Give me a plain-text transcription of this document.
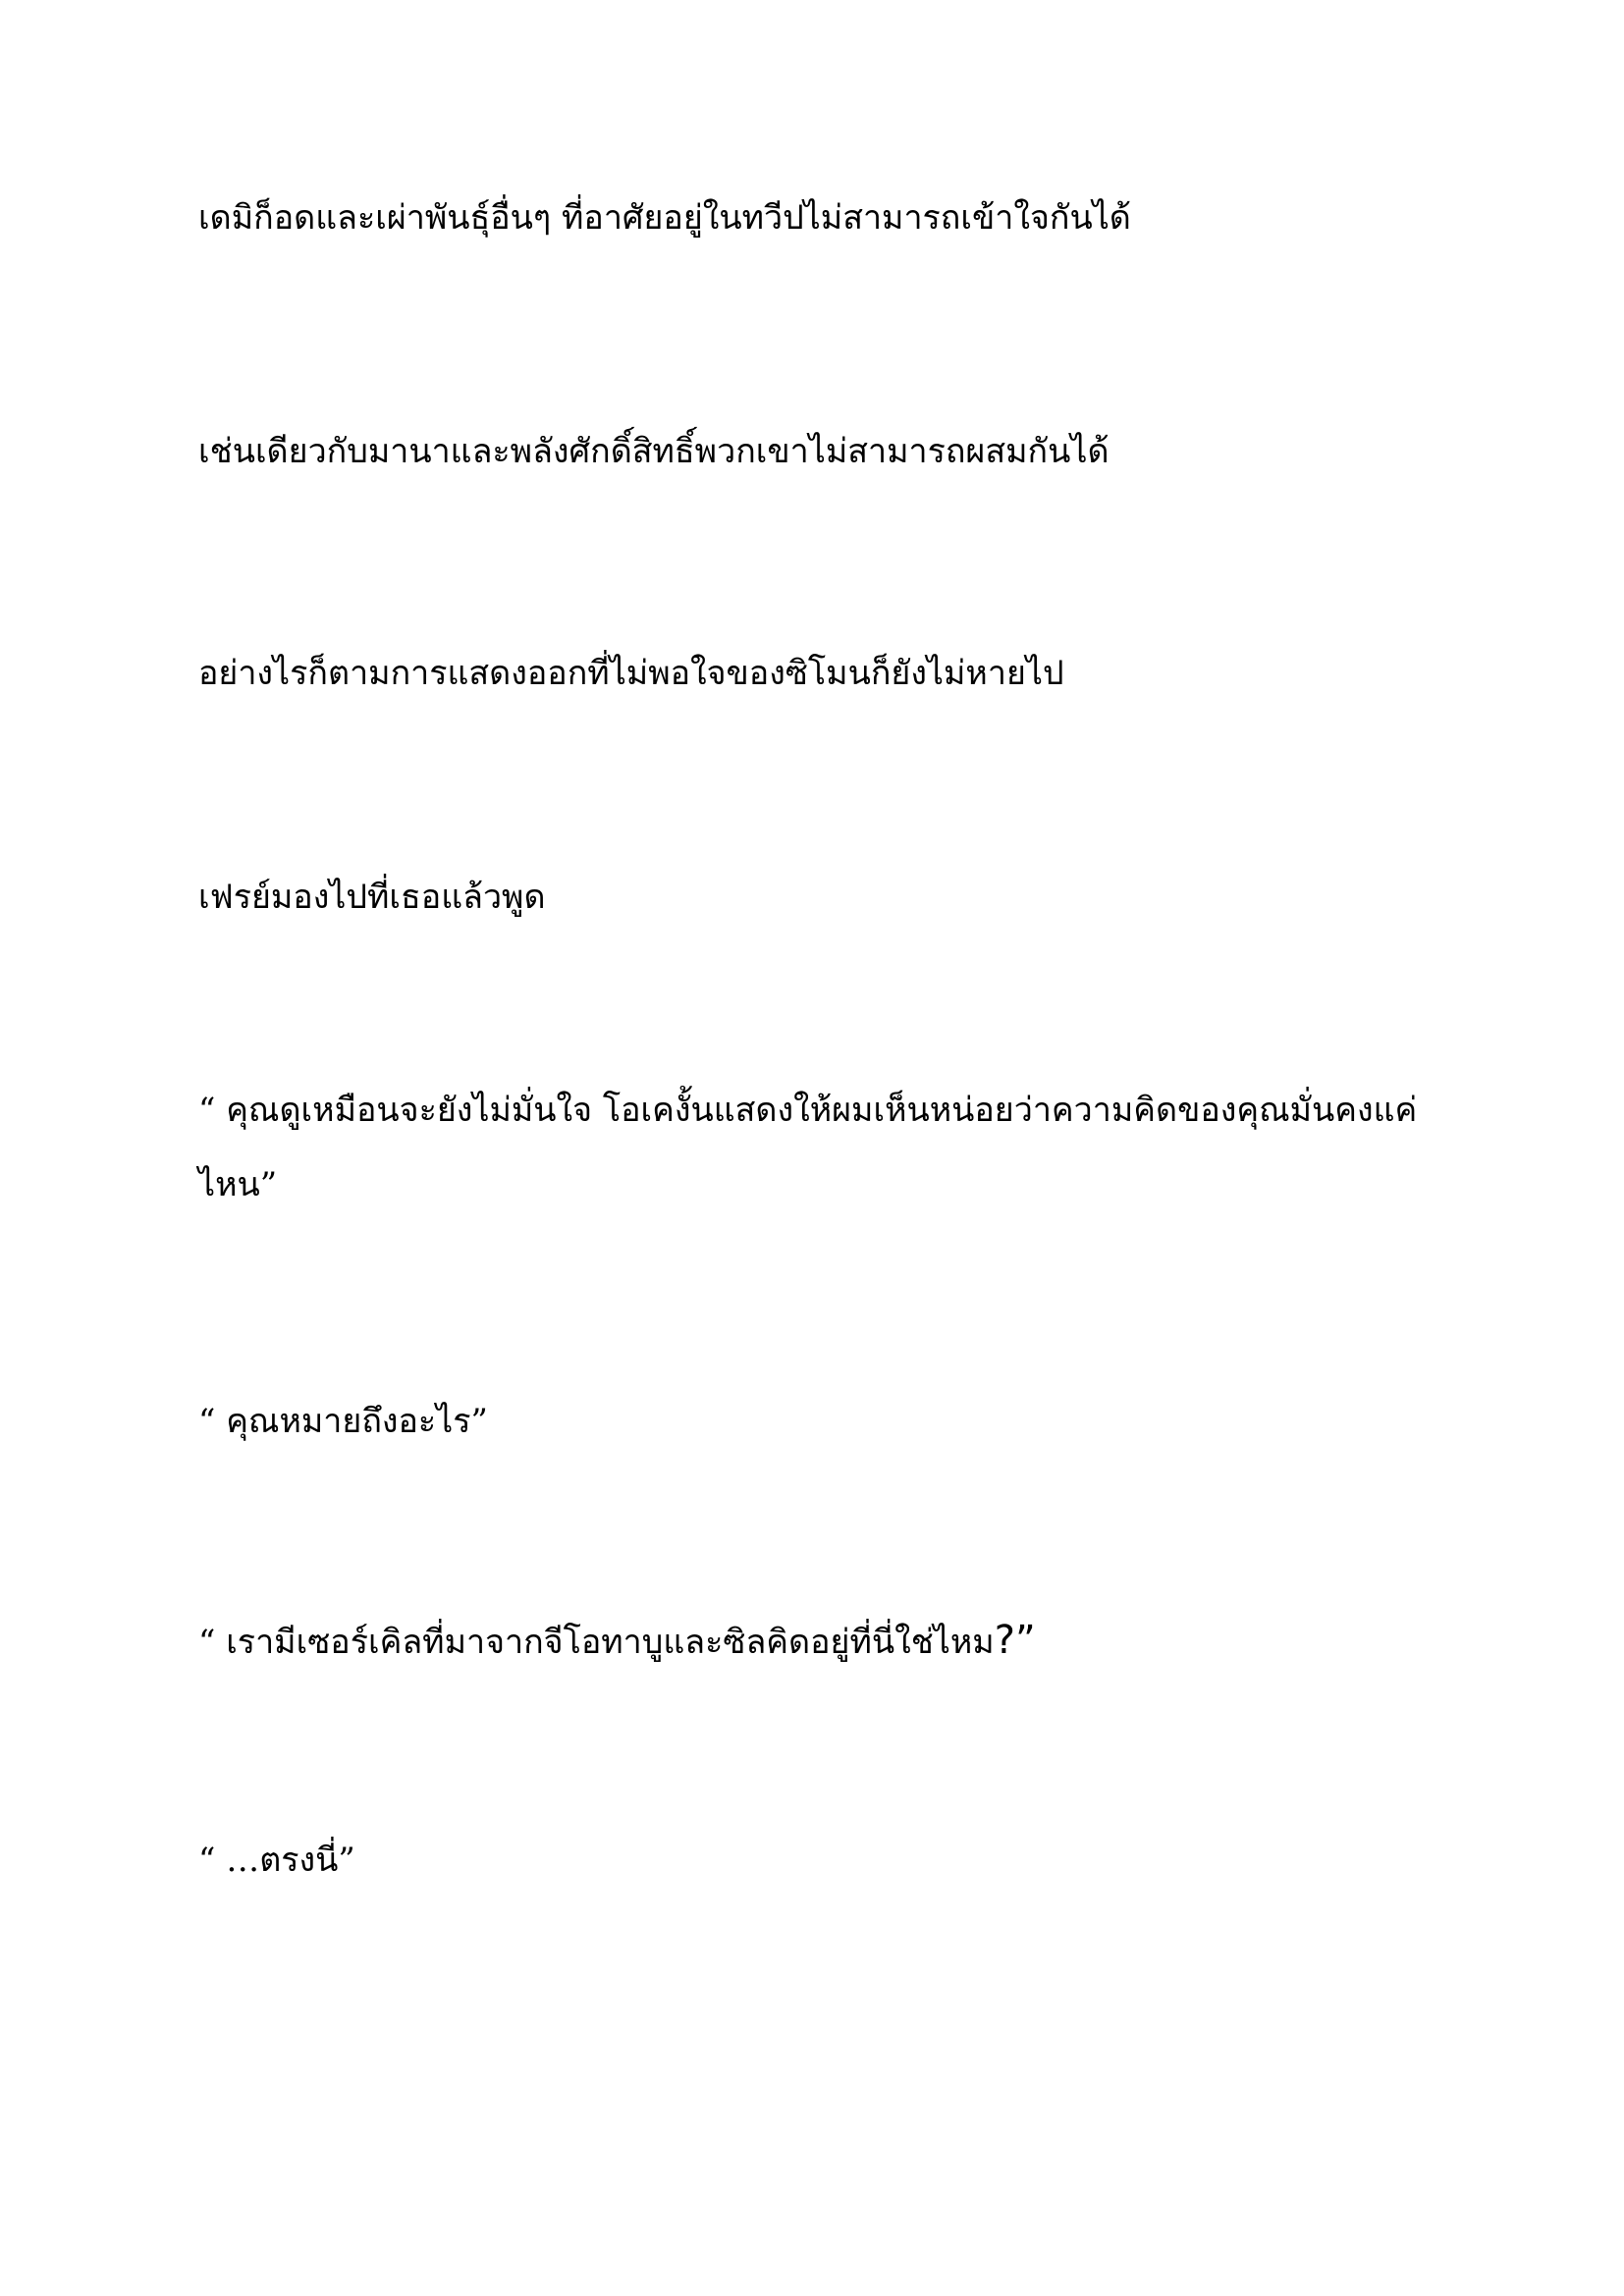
เดมิก็อดและเผ่าพันธุ์อื่นๆ ที่อาศัยอยู่ในทวีปไม่สามารถเข้าใจกันได้

เช่นเดียวกับมานาและพลังศักดิ์สิทธิ์พวกเขาไม่สามารถผสมกันได้

อย่างไรก็ตามการแสดงออกที่ไม่พอใจของซิโมนก็ยังไม่หายไป

เฟรย์มองไปที่เธอแล้วพูด

“ คุณดูเหมือนจะยังไม่มั่นใจ โอเคงั้นแสดงให้ผมเห็นหน่อยว่าความคิดของคุณมั่นคงแค่ไหน”

“ คุณหมายถึงอะไร”

“ เรามีเซอร์เคิลที่มาจากจีโอทาบูและซิลคิดอยู่ที่นี่ใช่ไหม?”

“ …ตรงนี่”
